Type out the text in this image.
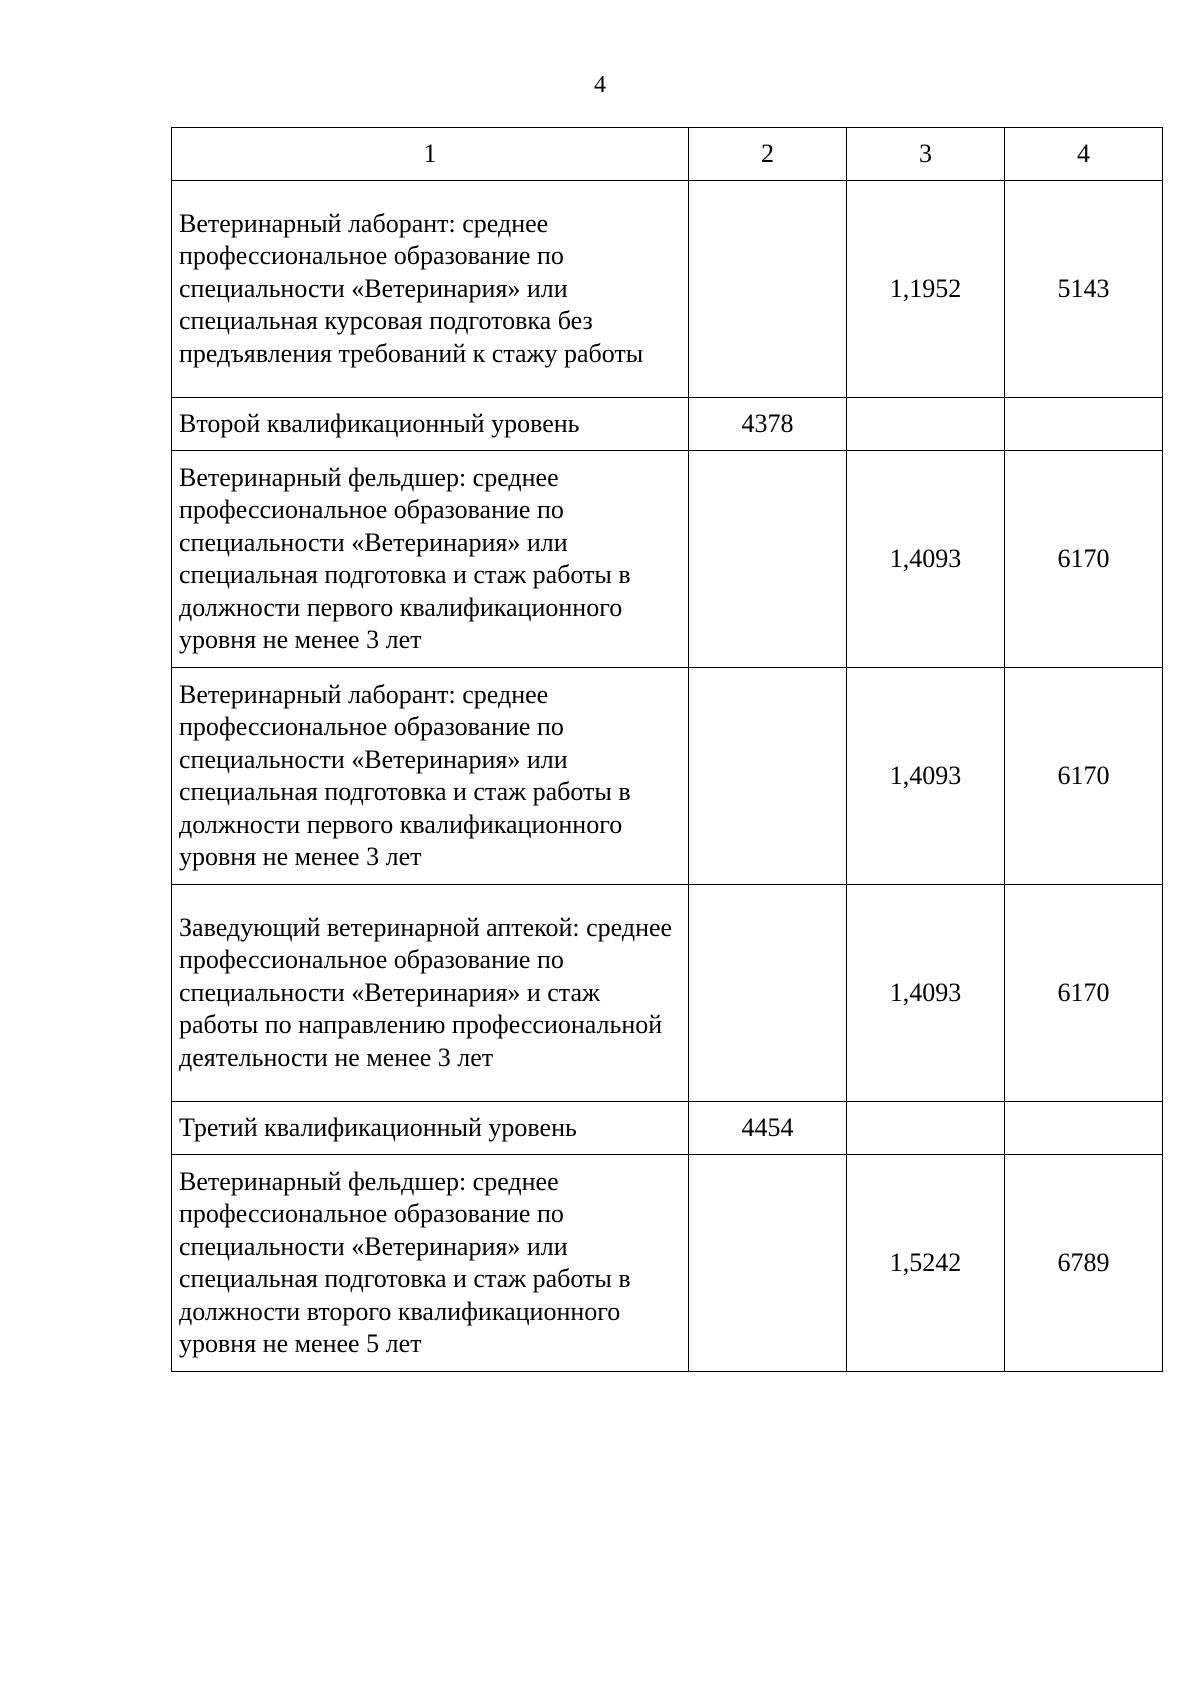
4
1	2	3	4
Ветеринарный лаборант: среднее профессиональное образование по специальности «Ветеринария» или специальная курсовая подготовка без предъявления требований к стажу работы		1,1952	5143
Второй квалификационный уровень	4378		
Ветеринарный фельдшер: среднее профессиональное образование по специальности «Ветеринария» или специальная подготовка и стаж работы в должности первого квалификационного уровня не менее 3 лет		1,4093	6170
Ветеринарный лаборант: среднее профессиональное образование по специальности «Ветеринария» или специальная подготовка и стаж работы в должности первого квалификационного уровня не менее 3 лет		1,4093	6170
Заведующий ветеринарной аптекой: среднее профессиональное образование по специальности «Ветеринария» и стаж работы по направлению профессиональной деятельности не менее 3 лет		1,4093	6170
Третий квалификационный уровень	4454		
Ветеринарный фельдшер: среднее профессиональное образование по специальности «Ветеринария» или специальная подготовка и стаж работы в должности второго квалификационного уровня не менее 5 лет		1,5242	6789
